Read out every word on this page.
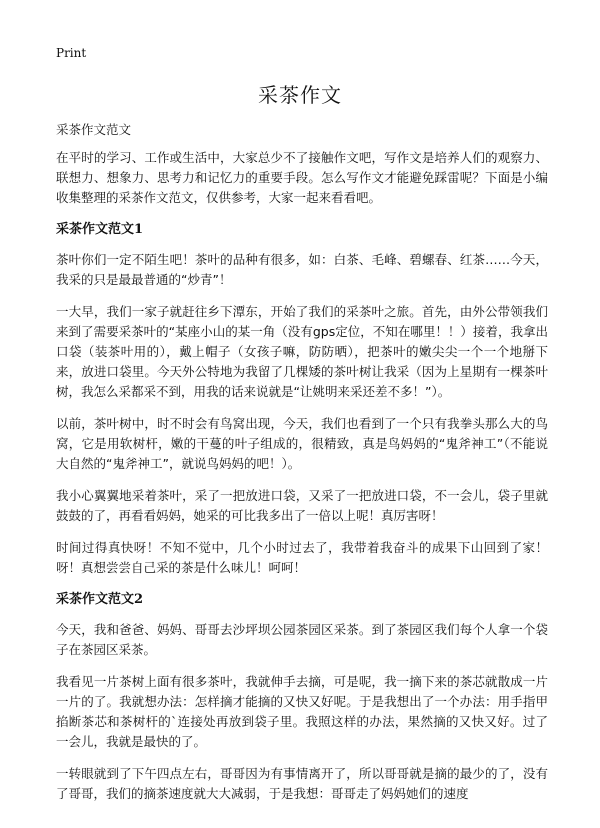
Print
采茶作文
采茶作文范文

在平时的学习、工作或生活中，大家总少不了接触作文吧，写作文是培养人们的观察力、联想力、想象力、思考力和记忆力的重要手段。怎么写作文才能避免踩雷呢？下面是小编收集整理的采茶作文范文，仅供参考，大家一起来看看吧。

采茶作文范文1

茶叶你们一定不陌生吧！茶叶的品种有很多，如：白茶、毛峰、碧螺春、红茶……今天，我采的只是最最普通的“炒青”！

一大早，我们一家子就赶往乡下潭东，开始了我们的采茶叶之旅。首先，由外公带领我们来到了需要采茶叶的“某座小山的某一角（没有gps定位，不知在哪里！！）接着，我拿出口袋（装茶叶用的），戴上帽子（女孩子嘛，防防晒），把茶叶的嫩尖尖一个一个地掰下来，放进口袋里。今天外公特地为我留了几棵矮的茶叶树让我采（因为上星期有一棵茶叶树，我怎么采都采不到，用我的话来说就是“让姚明来采还差不多！”）。

以前，茶叶树中，时不时会有鸟窝出现，今天，我们也看到了一个只有我拳头那么大的鸟窝，它是用软树杆，嫩的干蔓的叶子组成的，很精致，真是鸟妈妈的“鬼斧神工”（不能说大自然的“鬼斧神工”，就说鸟妈妈的吧！）。

我小心翼翼地采着茶叶，采了一把放进口袋，又采了一把放进口袋，不一会儿，袋子里就鼓鼓的了，再看看妈妈，她采的可比我多出了一倍以上呢！真厉害呀！

时间过得真快呀！不知不觉中，几个小时过去了，我带着我奋斗的成果下山回到了家！呀！真想尝尝自己采的茶是什么味儿！呵呵！

采茶作文范文2

今天，我和爸爸、妈妈、哥哥去沙坪坝公园茶园区采茶。到了茶园区我们每个人拿一个袋子在茶园区采茶。

我看见一片茶树上面有很多茶叶，我就伸手去摘，可是呢，我一摘下来的茶芯就散成一片一片的了。我就想办法：怎样摘才能摘的又快又好呢。于是我想出了一个办法：用手指甲掐断茶芯和茶树杆的`连接处再放到袋子里。我照这样的办法，果然摘的又快又好。过了一会儿，我就是最快的了。

一转眼就到了下午四点左右，哥哥因为有事情离开了，所以哥哥就是摘的最少的了，没有了哥哥，我们的摘茶速度就大大减弱，于是我想：哥哥走了妈妈她们的速度
